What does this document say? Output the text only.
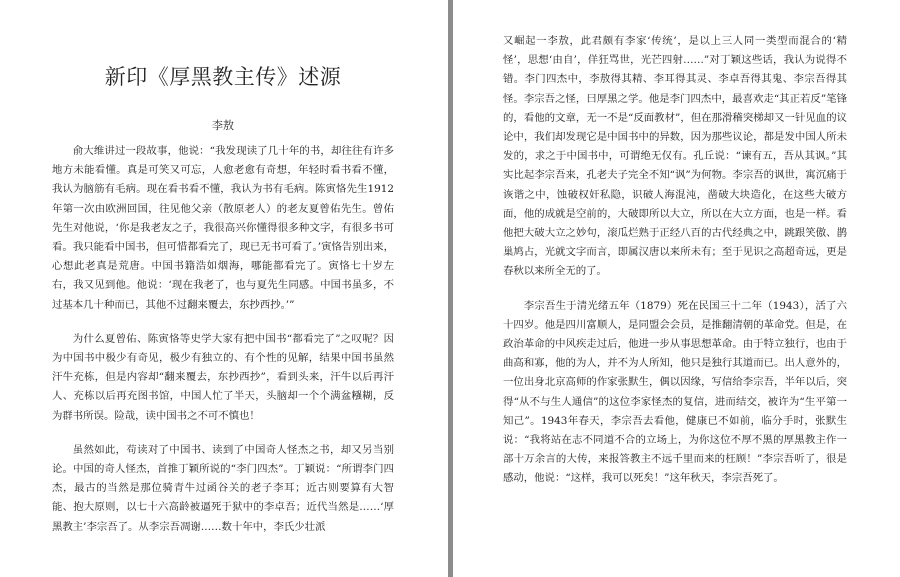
新印《厚黑教主传》述源
李敖

俞大维讲过一段故事，他说：“我发现读了几十年的书，却往往有许多地方未能看懂。真是可笑又可忘，人愈老愈有奇想，年轻时看书看不懂，我认为脑筋有毛病。现在看书看不懂，我认为书有毛病。陈寅恪先生1912年第一次由欧洲回国，往见他父亲（散原老人）的老友夏曾佑先生。曾佑先生对他说，‘你是我老友之子，我很高兴你懂得很多种文字，有很多书可看。我只能看中国书，但可惜都看完了，现已无书可看了。’寅恪告别出来，心想此老真是荒唐。中国书籍浩如烟海，哪能都看完了。寅恪七十岁左右，我又见到他。他说：‘现在我老了，也与夏先生同感。中国书虽多，不过基本几十种而已，其他不过翻来覆去，东抄西抄。’”

为什么夏曾佑、陈寅恪等史学大家有把中国书“都看完了”之叹呢？因为中国书中极少有奇见，极少有独立的、有个性的见解，结果中国书虽然汗牛充栋，但是内容却“翻来覆去，东抄西抄”，看到头来，汗牛以后再汗人、充栋以后再充图书馆，中国人忙了半天，头脑却一个个满盆糨糊，反为群书所误。险哉，读中国书之不可不慎也！

虽然如此，苟读对了中国书、读到了中国奇人怪杰之书，却又另当别论。中国的奇人怪杰，首推丁颖所说的“李门四杰”。丁颖说：“所谓李门四杰，最古的当然是那位骑青牛过函谷关的老子李耳；近古则要算有大智能、抱大原则，以七十六高龄被逼死于狱中的李卓吾；近代当然是……‘厚黑教主’李宗吾了。从李宗吾凋谢……数十年中，李氏少壮派

又崛起一李敖，此君颇有李家‘传统’，是以上三人同一类型而混合的‘精怪’，思想‘由自’，佯狂骂世，光芒四射……”对丁颖这些话，我认为说得不错。李门四杰中，李敖得其精、李耳得其灵、李卓吾得其鬼、李宗吾得其怪。李宗吾之怪，曰厚黑之学。他是李门四杰中，最喜欢走“其正若反”笔锋的，看他的文章，无一不是“反面教材”，但在那滑稽突梯却又一针见血的议论中，我们却发现它是中国书中的异数，因为那些议论，都是发中国人所未发的，求之于中国书中，可谓绝无仅有。孔丘说：“谏有五，吾从其讽。”其实比起李宗吾来，孔老夫子完全不知“讽”为何物。李宗吾的讽世，寓沉痛于诙谐之中，蚀破权奸私隐，识破人海混沌，凿破大块造化，在这些大破方面，他的成就是空前的，大破即所以大立，所以在大立方面，也是一样。看他把大破大立之妙句，滚瓜烂熟于正经八百的古代经典之中，跳跟笑傲、鹊巢鸠占，光就文字而言，即属汉唐以来所未有；至于见识之高超奇远，更是春秋以来所全无的了。

李宗吾生于清光绪五年（1879）死在民国三十二年（1943），活了六十四岁。他是四川富顺人，是同盟会会员，是推翻清朝的革命党。但是，在政治革命的中风疾走过后，他进一步从事思想革命。由于特立独行，也由于曲高和寡，他的为人，并不为人所知，他只是独行其道而已。出人意外的，一位出身北京高师的作家张默生，偶以因缘，写信给李宗吾，半年以后，突得“从不与生人通信”的这位李家怪杰的复信，进而结交，被许为“生平第一知己”。1943年春天，李宗吾去看他，健康已不如前，临分手时，张默生说：“我将站在志不同道不合的立场上，为你这位不厚不黑的厚黑教主作一部十万余言的大传，来报答教主不远千里而来的枉顾！”李宗吾听了，很是感动，他说：“这样，我可以死矣！”这年秋天，李宗吾死了。
